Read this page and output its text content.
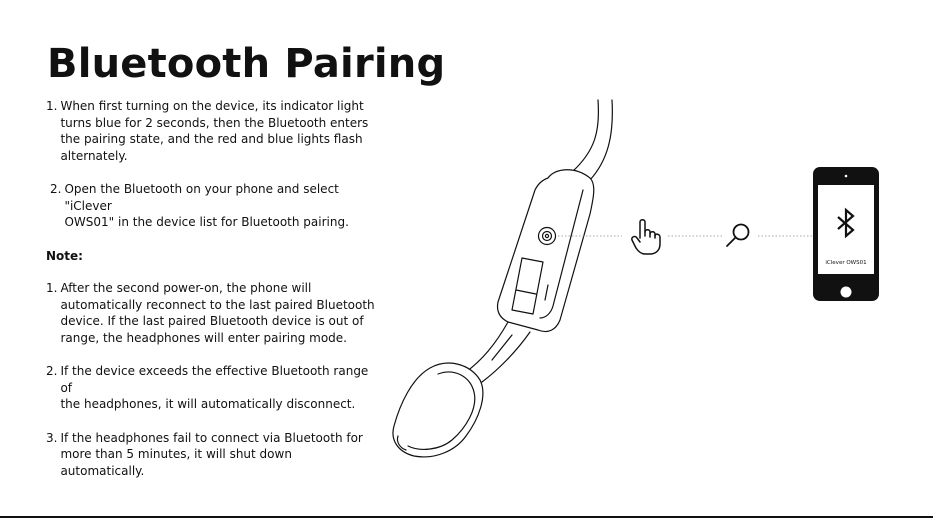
Bluetooth Pairing
1. When first turning on the device, its indicator light
turns blue for 2 seconds, then the Bluetooth enters
the pairing state, and the red and blue lights flash
alternately.
2. Open the Bluetooth on your phone and select "iClever
OWS01" in the device list for Bluetooth pairing.

Note:

1. After the second power-on, the phone will
automatically reconnect to the last paired Bluetooth
device. If the last paired Bluetooth device is out of
range, the headphones will enter pairing mode.
2. If the device exceeds the effective Bluetooth range of
the headphones, it will automatically disconnect.
3. If the headphones fail to connect via Bluetooth for
more than 5 minutes, it will shut down automatically.
iClever OWS01
